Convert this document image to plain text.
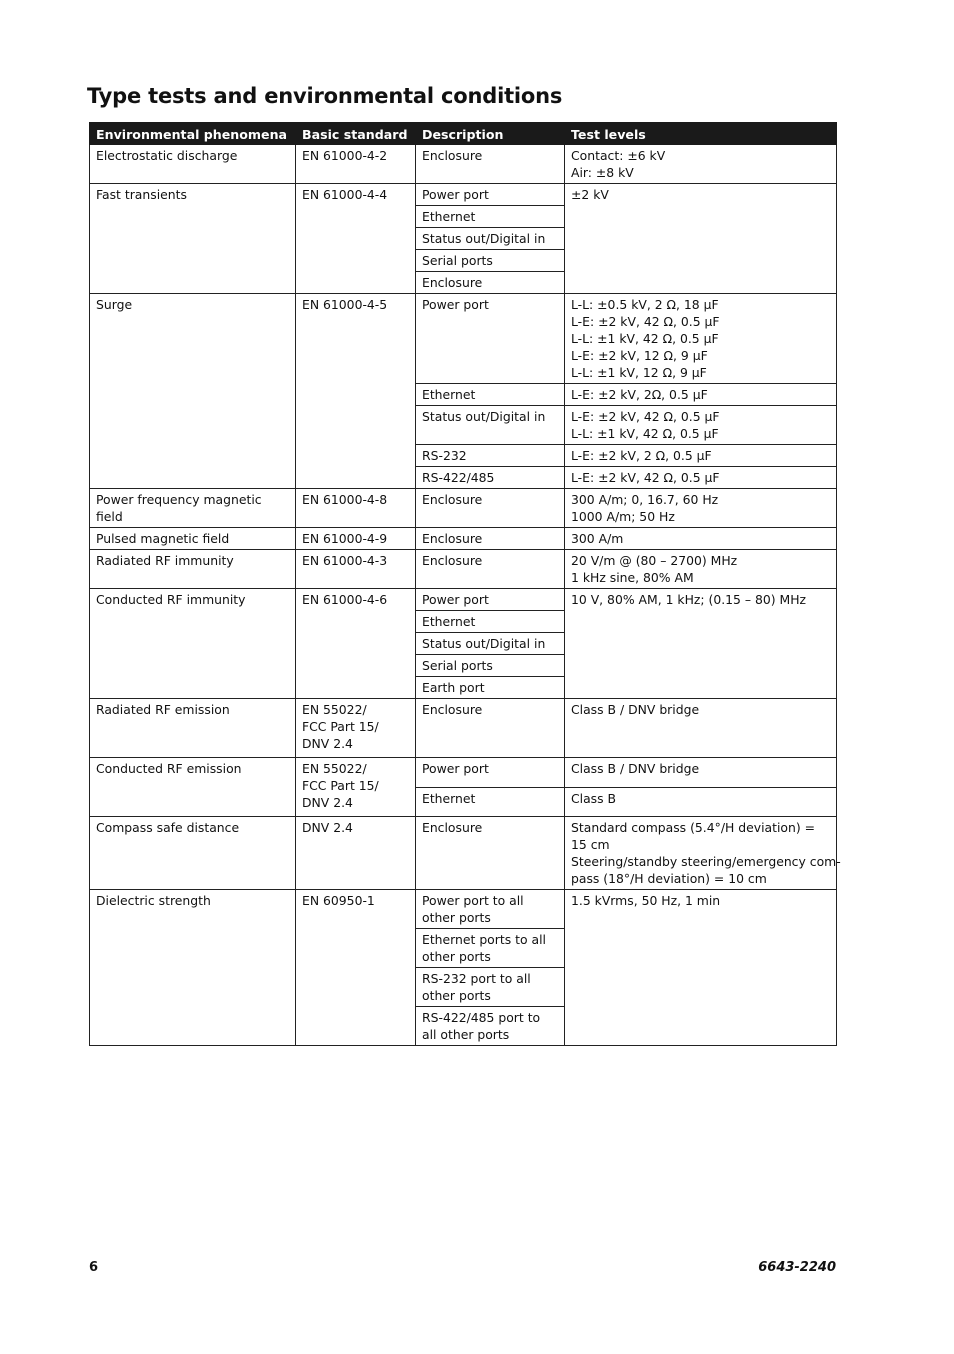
Type tests and environmental conditions
Environmental phenomena	Basic standard	Description	Test levels
Electrostatic discharge	EN 61000-4-2	Enclosure	Contact: ±6 kV
Air: ±8 kV

Fast transients	EN 61000-4-4	Power port	±2 kV
		Ethernet	
		Status out/Digital in	
		Serial ports	
		Enclosure	
Surge	EN 61000-4-5	Power port	L-L: ±0.5 kV, 2 Ω, 18 μF
L-E: ±2 kV, 42 Ω, 0.5 μF
L-L: ±1 kV, 42 Ω, 0.5 μF
L-E: ±2 kV, 12 Ω, 9 μF
L-L: ±1 kV, 12 Ω, 9 μF

		Ethernet	L-E: ±2 kV, 2Ω, 0.5 μF
		Status out/Digital in	L-E: ±2 kV, 42 Ω, 0.5 μF
L-L: ±1 kV, 42 Ω, 0.5 μF

		RS-232	L-E: ±2 kV, 2 Ω, 0.5 μF
		RS-422/485	L-E: ±2 kV, 42 Ω, 0.5 μF
Power frequency magnetic field	EN 61000-4-8	Enclosure	300 A/m; 0, 16.7, 60 Hz
1000 A/m; 50 Hz

Pulsed magnetic field	EN 61000-4-9	Enclosure	300 A/m
Radiated RF immunity	EN 61000-4-3	Enclosure	20 V/m @ (80 – 2700) MHz
1 kHz sine, 80% AM

Conducted RF immunity	EN 61000-4-6	Power port	10 V, 80% AM, 1 kHz; (0.15 – 80) MHz
		Ethernet	
		Status out/Digital in	
		Serial ports	
		Earth port	
Radiated RF emission	EN 55022/
FCC Part 15/
DNV 2.4	Enclosure	Class B / DNV bridge
Conducted RF emission	EN 55022/
FCC Part 15/
DNV 2.4	Power port	Class B / DNV bridge
		Ethernet	Class B
Compass safe distance	DNV 2.4	Enclosure	Standard compass (5.4°/H deviation) =
15 cm
Steering/standby steering/emergency com-
pass (18°/H deviation) = 10 cm

Dielectric strength	EN 60950-1	Power port to all other ports	1.5 kVrms, 50 Hz, 1 min
		Ethernet ports to all other ports	
		RS-232 port to all other ports	
		RS-422/485 port to all other ports	
6	6643-2240
